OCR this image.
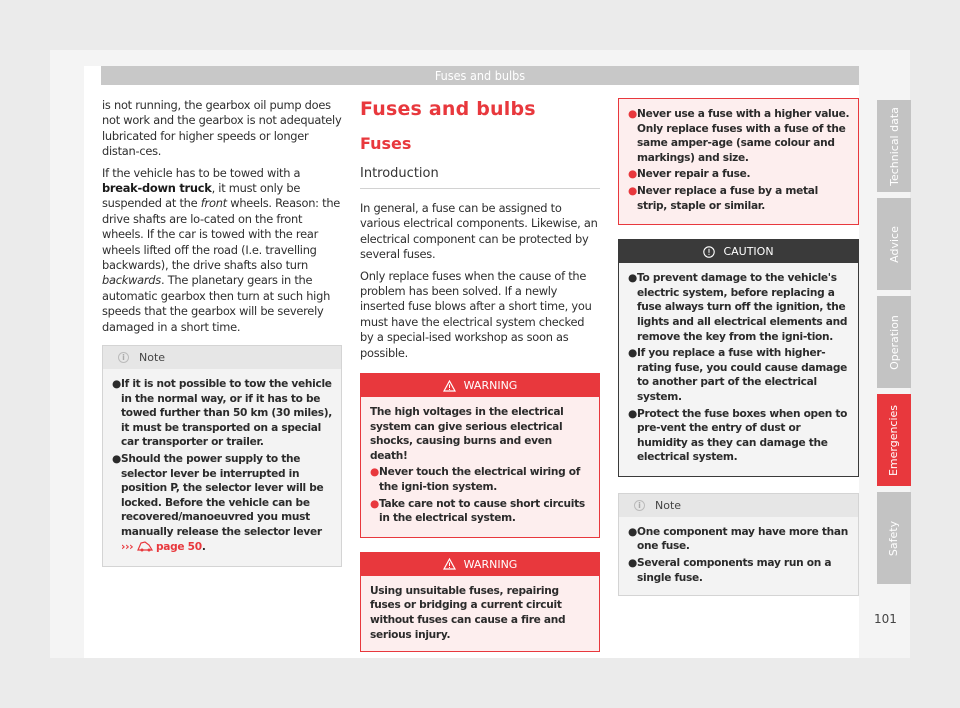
Fuses and bulbs

is not running, the gearbox oil pump does not work and the gearbox is not adequately lubricated for higher speeds or longer distan-ces.

If the vehicle has to be towed with a break-down truck, it must only be suspended at the front wheels. Reason: the drive shafts are lo-cated on the front wheels. If the car is towed with the rear wheels lifted off the road (I.e. travelling backwards), the drive shafts also turn backwards. The planetary gears in the automatic gearbox then turn at such high speeds that the gearbox will be severely damaged in a short time.

i	Note
● If it is not possible to tow the vehicle in the normal way, or if it has to be towed further than 50 km (30 miles), it must be transported on a special car transporter or trailer.
● Should the power supply to the selector lever be interrupted in position P, the selector lever will be locked. Before the vehicle can be recovered/manoeuvred you must manually release the selector lever ››› page 50.
Fuses and bulbs
Fuses
Introduction

In general, a fuse can be assigned to various electrical components. Likewise, an electrical component can be protected by several fuses.

Only replace fuses when the cause of the problem has been solved. If a newly inserted fuse blows after a short time, you must have the electrical system checked by a special-ised workshop as soon as possible.

WARNING
The high voltages in the electrical system can give serious electrical shocks, causing burns and even death!
● Never touch the electrical wiring of the igni-tion system.
● Take care not to cause short circuits in the electrical system.
WARNING
Using unsuitable fuses, repairing fuses or bridging a current circuit without fuses can cause a fire and serious injury.
● Never use a fuse with a higher value. Only replace fuses with a fuse of the same amper-age (same colour and markings) and size.
● Never repair a fuse.
● Never replace a fuse by a metal strip, staple or similar.
CAUTION
● To prevent damage to the vehicle's electric system, before replacing a fuse always turn off the ignition, the lights and all electrical elements and remove the key from the igni-tion.
● If you replace a fuse with higher-rating fuse, you could cause damage to another part of the electrical system.
● Protect the fuse boxes when open to pre-vent the entry of dust or humidity as they can damage the electrical system.
i	Note
● One component may have more than one fuse.
● Several components may run on a single fuse.
Technical data
Advice
Operation
Emergencies
Safety
101
